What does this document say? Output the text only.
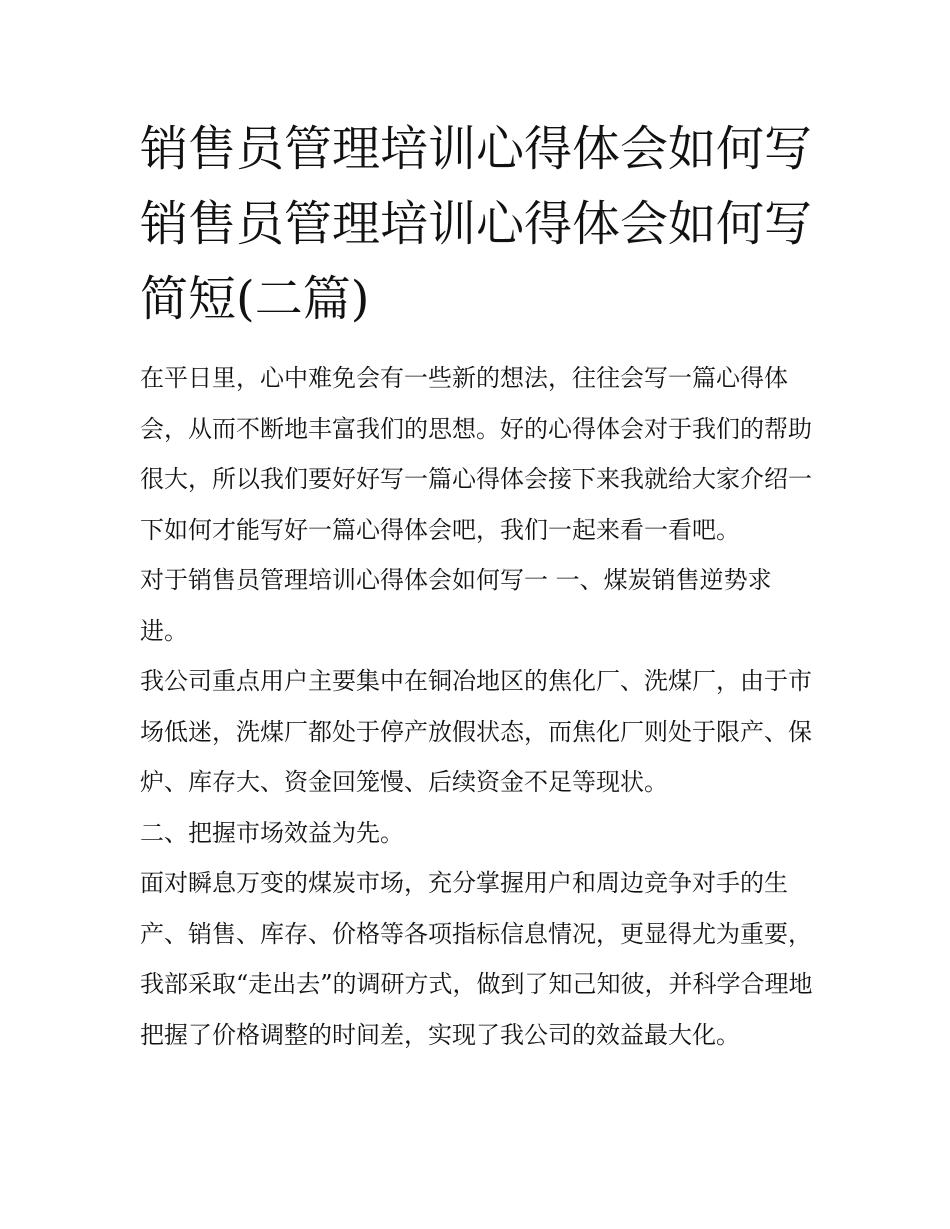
销售员管理培训心得体会如何写 销售员管理培训心得体会如何写简短(二篇)

在平日里，心中难免会有一些新的想法，往往会写一篇心得体会，从而不断地丰富我们的思想。好的心得体会对于我们的帮助很大，所以我们要好好写一篇心得体会接下来我就给大家介绍一下如何才能写好一篇心得体会吧，我们一起来看一看吧。

对于销售员管理培训心得体会如何写一 一、煤炭销售逆势求进。

我公司重点用户主要集中在铜冶地区的焦化厂、洗煤厂，由于市场低迷，洗煤厂都处于停产放假状态，而焦化厂则处于限产、保炉、库存大、资金回笼慢、后续资金不足等现状。

二、把握市场效益为先。

面对瞬息万变的煤炭市场，充分掌握用户和周边竞争对手的生产、销售、库存、价格等各项指标信息情况，更显得尤为重要，我部采取“走出去”的调研方式，做到了知己知彼，并科学合理地把握了价格调整的时间差，实现了我公司的效益最大化。
